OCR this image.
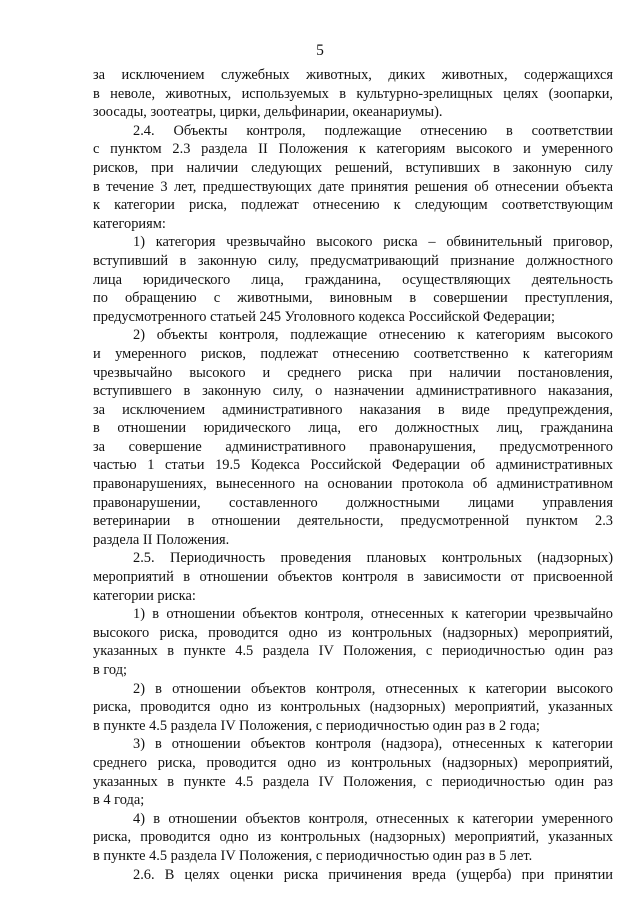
5
за исключением служебных животных, диких животных, содержащихся
в неволе, животных, используемых в культурно-зрелищных целях (зоопарки,
зоосады, зоотеатры, цирки, дельфинарии, океанариумы).
2.4. Объекты контроля, подлежащие отнесению в соответствии
с пунктом 2.3 раздела II Положения к категориям высокого и умеренного
рисков, при наличии следующих решений, вступивших в законную силу
в течение 3 лет, предшествующих дате принятия решения об отнесении объекта
к категории риска, подлежат отнесению к следующим соответствующим
категориям:
1) категория чрезвычайно высокого риска – обвинительный приговор,
вступивший в законную силу, предусматривающий признание должностного
лица юридического лица, гражданина, осуществляющих деятельность
по обращению с животными, виновным в совершении преступления,
предусмотренного статьей 245 Уголовного кодекса Российской Федерации;
2) объекты контроля, подлежащие отнесению к категориям высокого
и умеренного рисков, подлежат отнесению соответственно к категориям
чрезвычайно высокого и среднего риска при наличии постановления,
вступившего в законную силу, о назначении административного наказания,
за исключением административного наказания в виде предупреждения,
в отношении юридического лица, его должностных лиц, гражданина
за совершение административного правонарушения, предусмотренного
частью 1 статьи 19.5 Кодекса Российской Федерации об административных
правонарушениях, вынесенного на основании протокола об административном
правонарушении, составленного должностными лицами управления
ветеринарии в отношении деятельности, предусмотренной пунктом 2.3
раздела II Положения.
2.5. Периодичность проведения плановых контрольных (надзорных)
мероприятий в отношении объектов контроля в зависимости от присвоенной
категории риска:
1) в отношении объектов контроля, отнесенных к категории чрезвычайно
высокого риска, проводится одно из контрольных (надзорных) мероприятий,
указанных в пункте 4.5 раздела IV Положения, с периодичностью один раз
в год;
2) в отношении объектов контроля, отнесенных к категории высокого
риска, проводится одно из контрольных (надзорных) мероприятий, указанных
в пункте 4.5 раздела IV Положения, с периодичностью один раз в 2 года;
3) в отношении объектов контроля (надзора), отнесенных к категории
среднего риска, проводится одно из контрольных (надзорных) мероприятий,
указанных в пункте 4.5 раздела IV Положения, с периодичностью один раз
в 4 года;
4) в отношении объектов контроля, отнесенных к категории умеренного
риска, проводится одно из контрольных (надзорных) мероприятий, указанных
в пункте 4.5 раздела IV Положения, с периодичностью один раз в 5 лет.
2.6. В целях оценки риска причинения вреда (ущерба) при принятии
